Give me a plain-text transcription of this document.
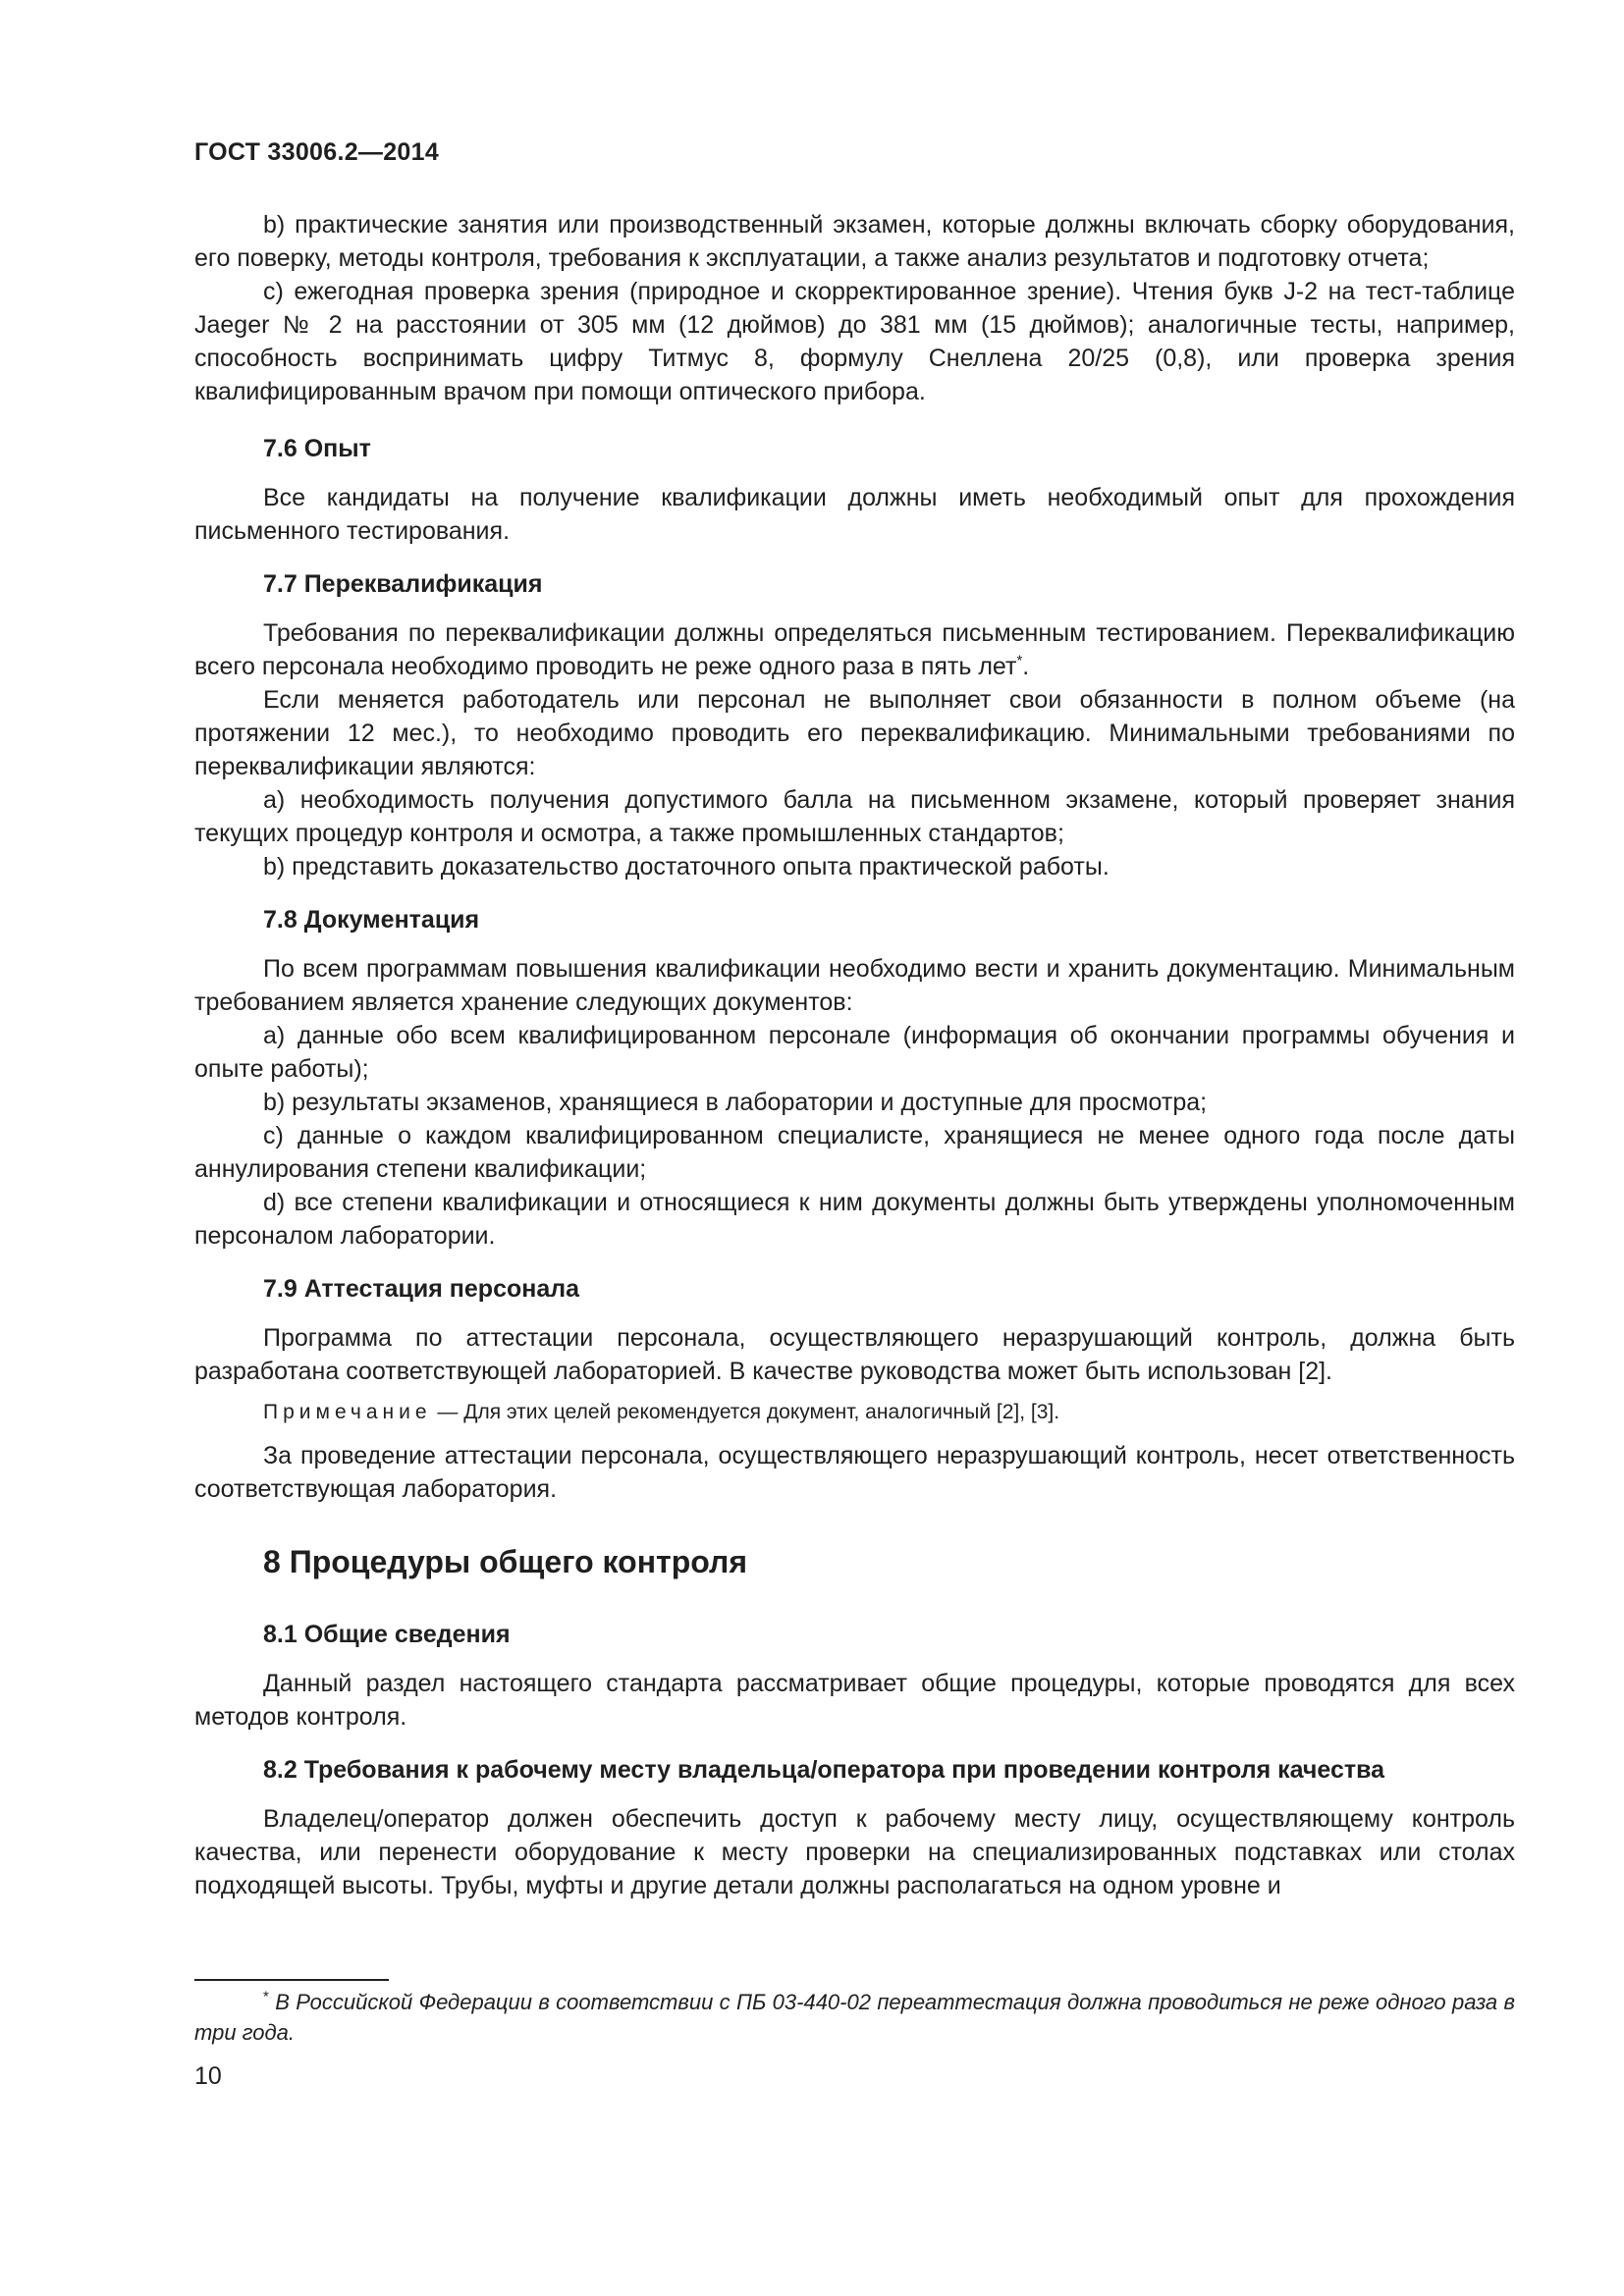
ГОСТ 33006.2—2014

b) практические занятия или производственный экзамен, которые должны включать сборку оборудования, его поверку, методы контроля, требования к эксплуатации, а также анализ результатов и подготовку отчета;

c) ежегодная проверка зрения (природное и скорректированное зрение). Чтения букв J-2 на тест-таблице Jaeger № 2 на расстоянии от 305 мм (12 дюймов) до 381 мм (15 дюймов); аналогичные тесты, например, способность воспринимать цифру Титмус 8, формулу Снеллена 20/25 (0,8), или проверка зрения квалифицированным врачом при помощи оптического прибора.

7.6 Опыт

Все кандидаты на получение квалификации должны иметь необходимый опыт для прохождения письменного тестирования.

7.7 Переквалификация

Требования по переквалификации должны определяться письменным тестированием. Переквалификацию всего персонала необходимо проводить не реже одного раза в пять лет*.

Если меняется работодатель или персонал не выполняет свои обязанности в полном объеме (на протяжении 12 мес.), то необходимо проводить его переквалификацию. Минимальными требованиями по переквалификации являются:

a) необходимость получения допустимого балла на письменном экзамене, который проверяет знания текущих процедур контроля и осмотра, а также промышленных стандартов;

b) представить доказательство достаточного опыта практической работы.

7.8 Документация

По всем программам повышения квалификации необходимо вести и хранить документацию. Минимальным требованием является хранение следующих документов:

a) данные обо всем квалифицированном персонале (информация об окончании программы обучения и опыте работы);

b) результаты экзаменов, хранящиеся в лаборатории и доступные для просмотра;

c) данные о каждом квалифицированном специалисте, хранящиеся не менее одного года после даты аннулирования степени квалификации;

d) все степени квалификации и относящиеся к ним документы должны быть утверждены уполномоченным персоналом лаборатории.

7.9 Аттестация персонала

Программа по аттестации персонала, осуществляющего неразрушающий контроль, должна быть разработана соответствующей лабораторией. В качестве руководства может быть использован [2].

Примечание — Для этих целей рекомендуется документ, аналогичный [2], [3].

За проведение аттестации персонала, осуществляющего неразрушающий контроль, несет ответственность соответствующая лаборатория.

8 Процедуры общего контроля
8.1 Общие сведения

Данный раздел настоящего стандарта рассматривает общие процедуры, которые проводятся для всех методов контроля.

8.2 Требования к рабочему месту владельца/оператора при проведении контроля качества

Владелец/оператор должен обеспечить доступ к рабочему месту лицу, осуществляющему контроль качества, или перенести оборудование к месту проверки на специализированных подставках или столах подходящей высоты. Трубы, муфты и другие детали должны располагаться на одном уровне и

* В Российской Федерации в соответствии с ПБ 03-440-02 переаттестация должна проводиться не реже одного раза в три года.
10
